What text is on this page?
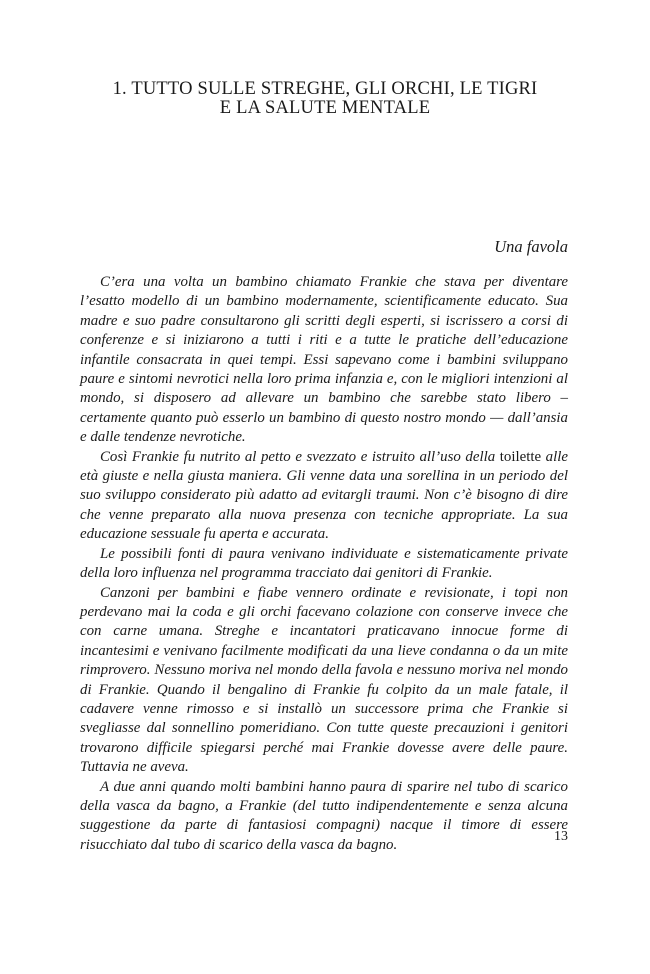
1. TUTTO SULLE STREGHE, GLI ORCHI, LE TIGRI
E LA SALUTE MENTALE
Una favola

C’era una volta un bambino chiamato Frankie che stava per diventare l’esatto modello di un bambino modernamente, scientificamente educato. Sua madre e suo padre consultarono gli scritti degli esperti, si iscrissero a corsi di conferenze e si iniziarono a tutti i riti e a tutte le pratiche dell’educazione infantile consacrata in quei tempi. Essi sapevano come i bambini sviluppano paure e sintomi nevrotici nella loro prima infanzia e, con le migliori intenzioni al mondo, si disposero ad allevare un bambino che sarebbe stato libero – certamente quanto può esserlo un bambino di questo nostro mondo — dall’ansia e dalle tendenze nevrotiche.

Così Frankie fu nutrito al petto e svezzato e istruito all’uso della toilette alle età giuste e nella giusta maniera. Gli venne data una sorellina in un periodo del suo sviluppo considerato più adatto ad evitargli traumi. Non c’è bisogno di dire che venne preparato alla nuova presenza con tecniche appropriate. La sua educazione sessuale fu aperta e accurata.

Le possibili fonti di paura venivano individuate e sistematicamente private della loro influenza nel programma tracciato dai genitori di Frankie.

Canzoni per bambini e fiabe vennero ordinate e revisionate, i topi non perdevano mai la coda e gli orchi facevano colazione con conserve invece che con carne umana. Streghe e incantatori praticavano innocue forme di incantesimi e venivano facilmente modificati da una lieve condanna o da un mite rimprovero. Nessuno moriva nel mondo della favola e nessuno moriva nel mondo di Frankie. Quando il bengalino di Frankie fu colpito da un male fatale, il cadavere venne rimosso e si installò un successore prima che Frankie si svegliasse dal sonnellino pomeridiano. Con tutte queste precauzioni i genitori trovarono difficile spiegarsi perché mai Frankie dovesse avere delle paure. Tuttavia ne aveva.

A due anni quando molti bambini hanno paura di sparire nel tubo di scarico della vasca da bagno, a Frankie (del tutto indipendentemente e senza alcuna suggestione da parte di fantasiosi compagni) nacque il timore di essere risucchiato dal tubo di scarico della vasca da bagno.

13
